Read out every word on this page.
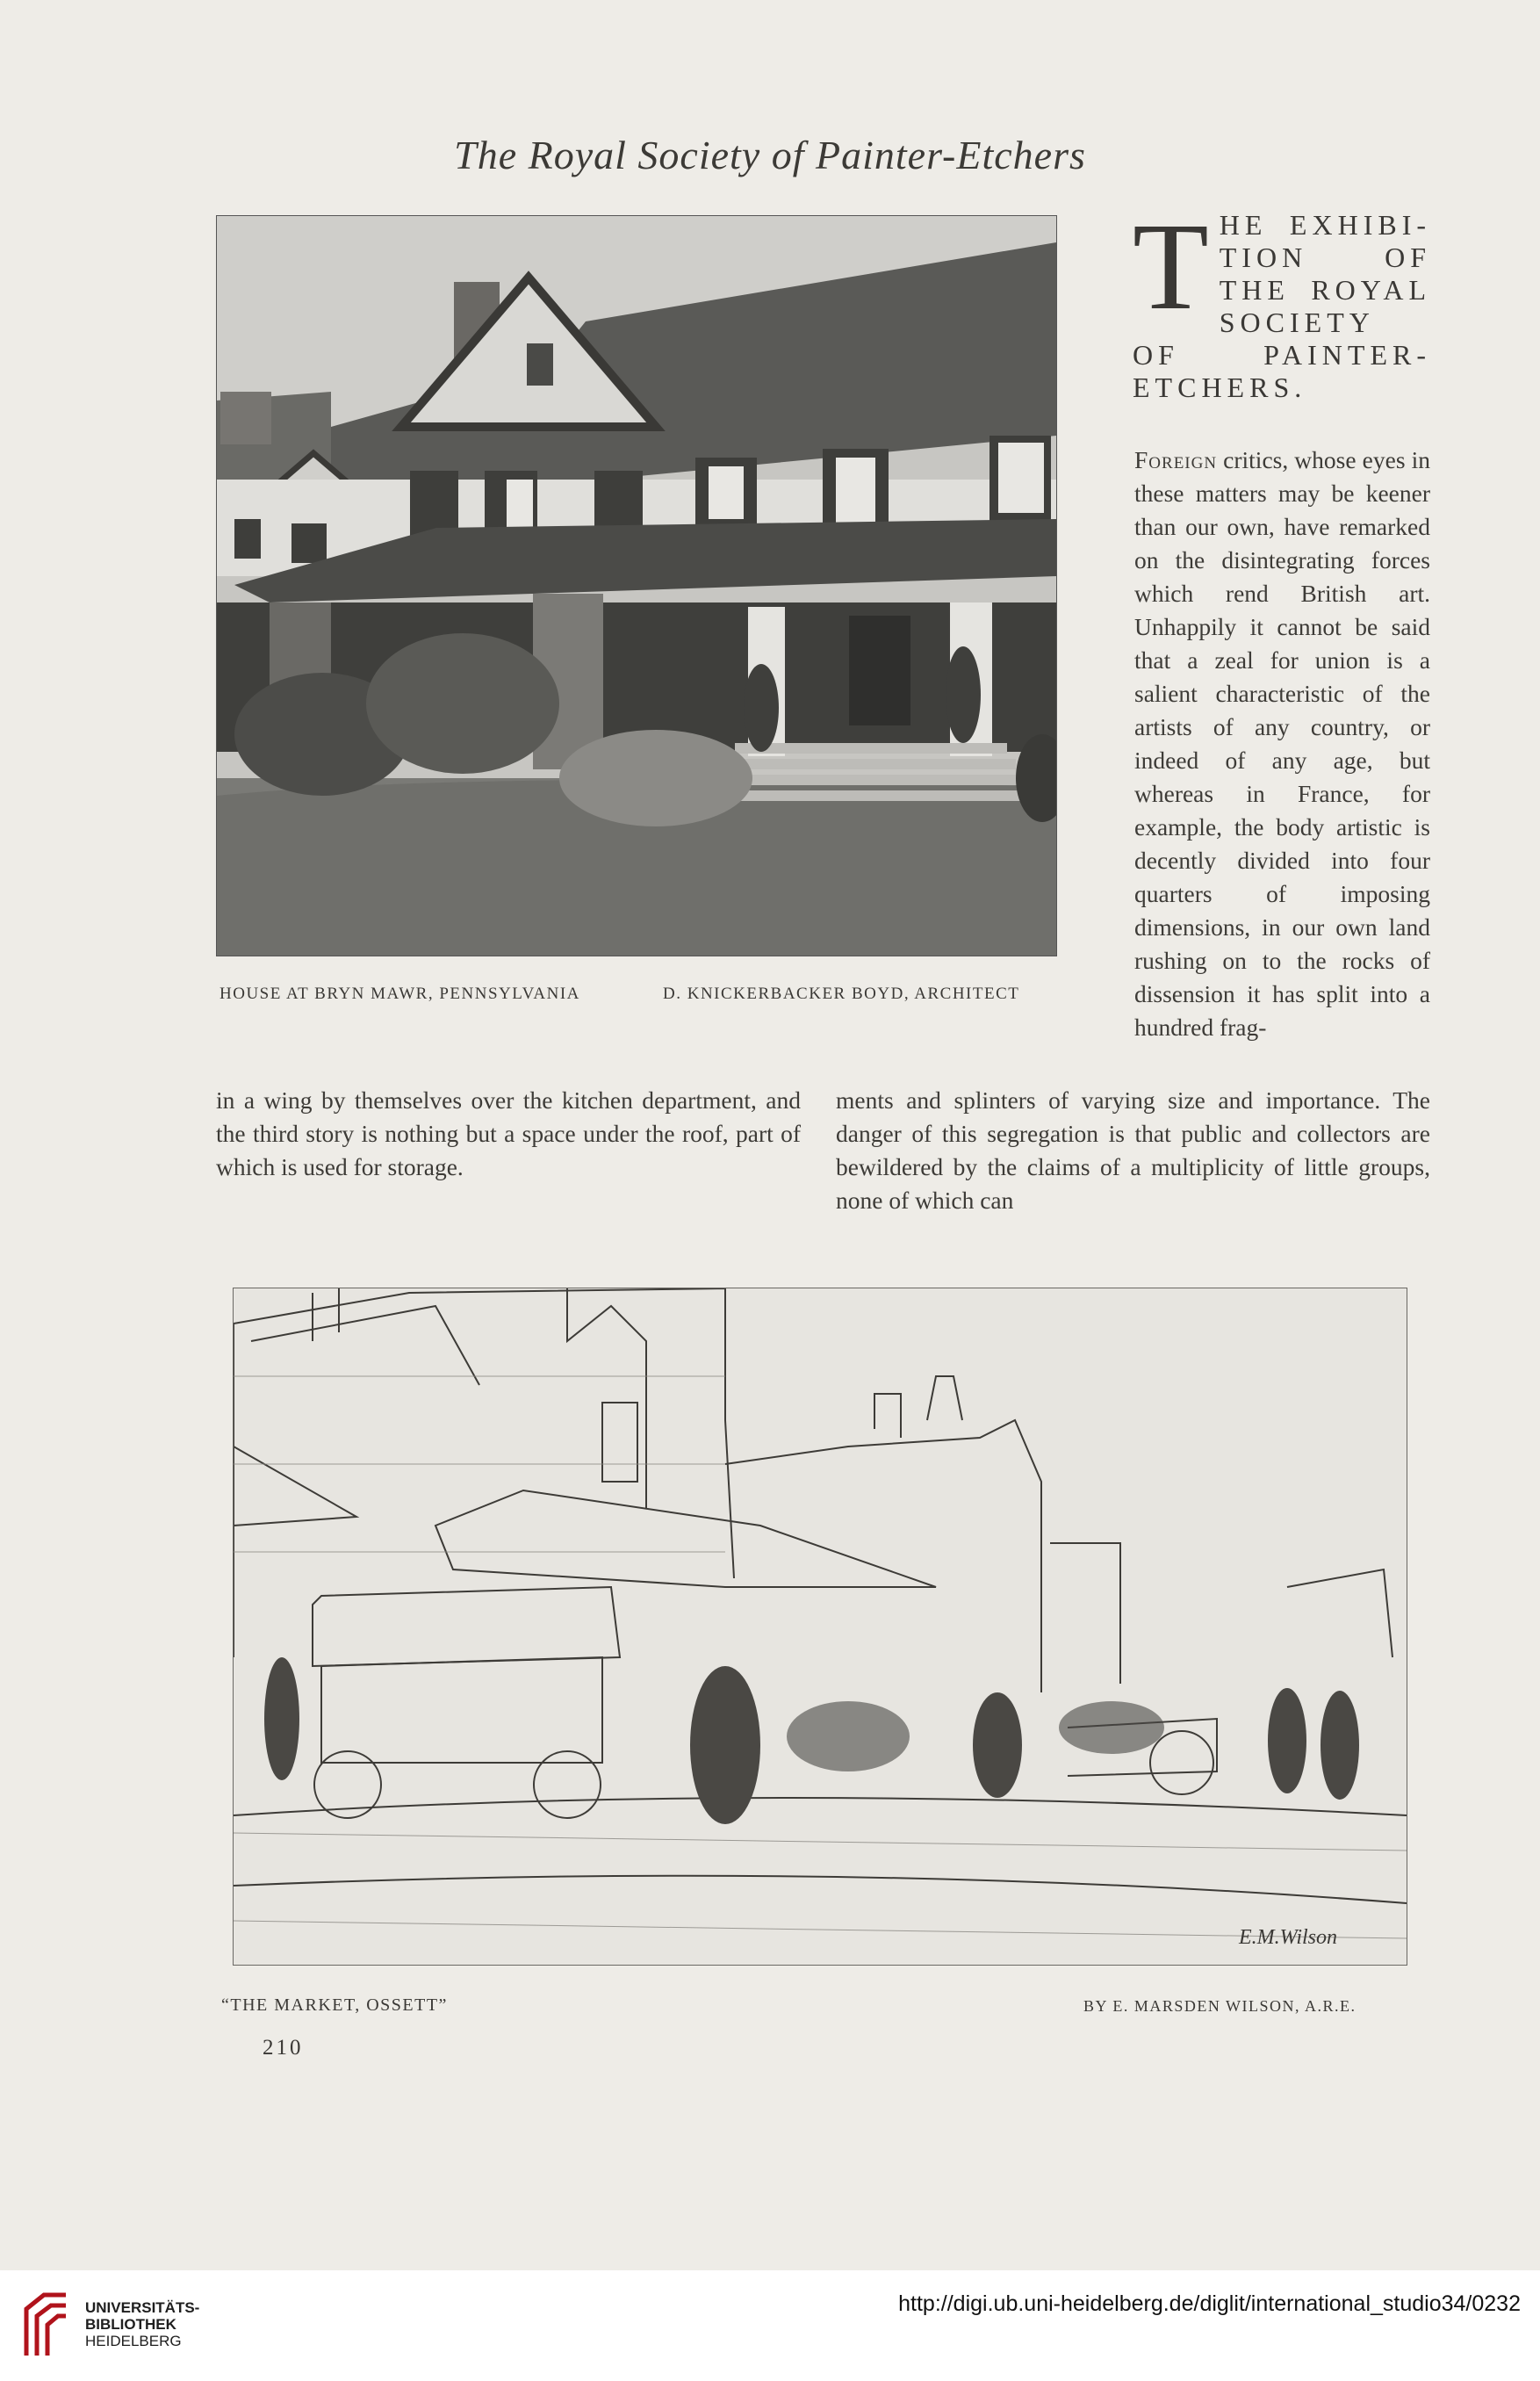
The Royal Society of Painter-Etchers
HOUSE AT BRYN MAWR, PENNSYLVANIA	D. KNICKERBACKER BOYD, ARCHITECT
T HE EXHIBI-TION OF THE ROYAL SOCIETY OF PAINTER-ETCHERS.
Foreign critics, whose eyes in these matters may be keener than our own, have remarked on the disintegrating forces which rend British art. Unhappily it cannot be said that a zeal for union is a salient characteristic of the artists of any country, or indeed of any age, but whereas in France, for example, the body artistic is decently divided into four quarters of imposing dimensions, in our own land rushing on to the rocks of dissension it has split into a hundred frag-
in a wing by themselves over the kitchen department, and the third story is nothing but a space under the roof, part of which is used for storage.
ments and splinters of varying size and importance. The danger of this segregation is that public and collectors are bewildered by the claims of a multiplicity of little groups, none of which can
E.M.Wilson
“THE MARKET, OSSETT”	BY E. MARSDEN WILSON, A.R.E.
210
UNIVERSITÄTS-
BIBLIOTHEK
HEIDELBERG
http://digi.ub.uni-heidelberg.de/diglit/international_studio34/0232
